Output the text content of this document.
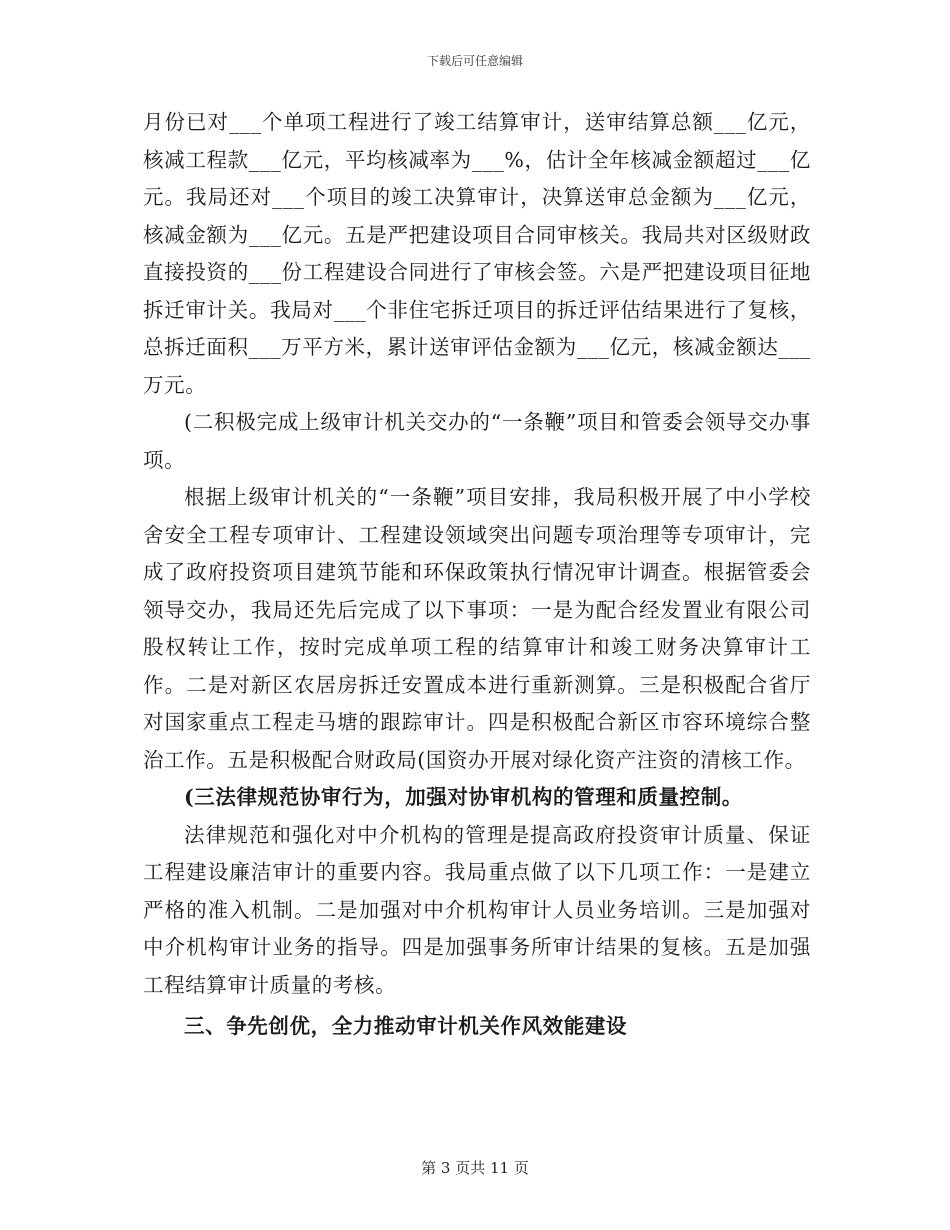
下载后可任意编辑

月份已对___个单项工程进行了竣工结算审计，送审结算总额___亿元，核减工程款___亿元，平均核减率为___%，估计全年核减金额超过___亿元。我局还对___个项目的竣工决算审计，决算送审总金额为___亿元，核减金额为___亿元。五是严把建设项目合同审核关。我局共对区级财政直接投资的___份工程建设合同进行了审核会签。六是严把建设项目征地拆迁审计关。我局对___个非住宅拆迁项目的拆迁评估结果进行了复核，总拆迁面积___万平方米，累计送审评估金额为___亿元，核减金额达___万元。

(二积极完成上级审计机关交办的“一条鞭”项目和管委会领导交办事项。

根据上级审计机关的“一条鞭”项目安排，我局积极开展了中小学校舍安全工程专项审计、工程建设领域突出问题专项治理等专项审计，完成了政府投资项目建筑节能和环保政策执行情况审计调查。根据管委会领导交办，我局还先后完成了以下事项：一是为配合经发置业有限公司股权转让工作，按时完成单项工程的结算审计和竣工财务决算审计工作。二是对新区农居房拆迁安置成本进行重新测算。三是积极配合省厅对国家重点工程走马塘的跟踪审计。四是积极配合新区市容环境综合整治工作。五是积极配合财政局(国资办开展对绿化资产注资的清核工作。

(三法律规范协审行为，加强对协审机构的管理和质量控制。

法律规范和强化对中介机构的管理是提高政府投资审计质量、保证工程建设廉洁审计的重要内容。我局重点做了以下几项工作：一是建立严格的准入机制。二是加强对中介机构审计人员业务培训。三是加强对中介机构审计业务的指导。四是加强事务所审计结果的复核。五是加强工程结算审计质量的考核。

三、争先创优，全力推动审计机关作风效能建设

第 3 页共 11 页
